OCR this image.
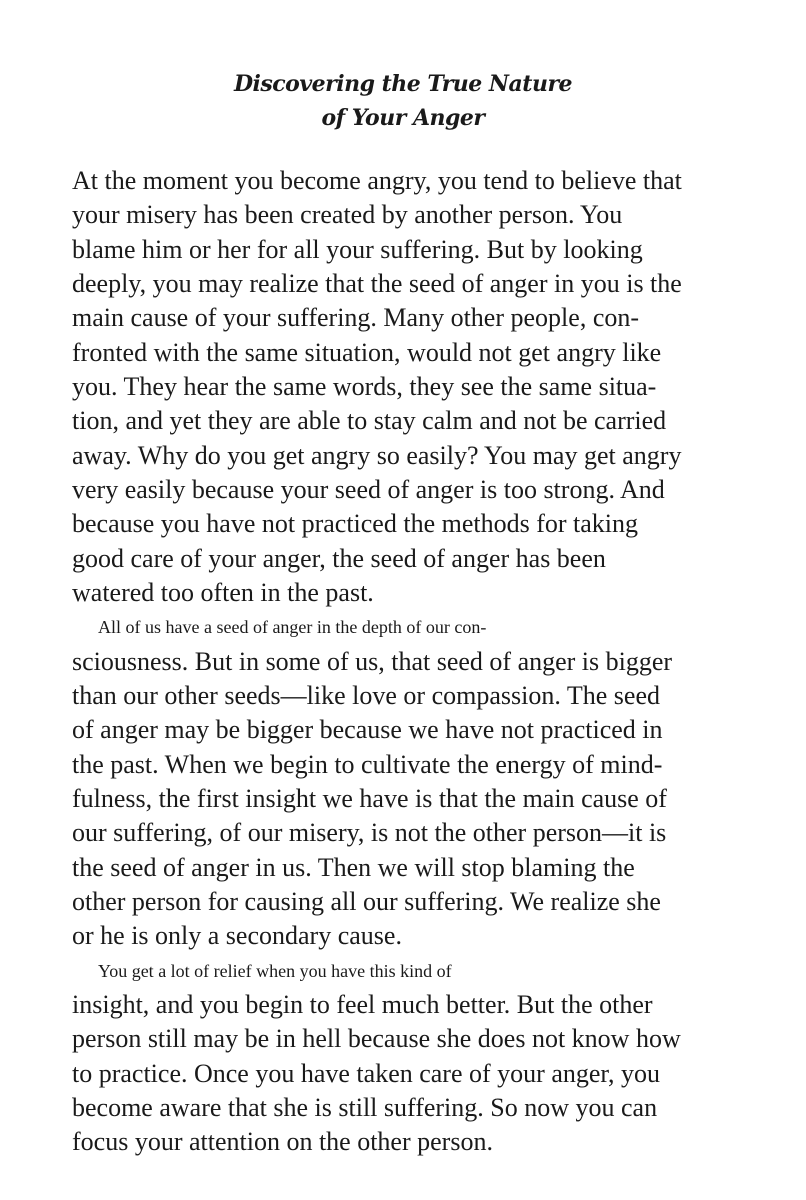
Discovering the True Nature
of Your Anger
At the moment you become angry, you tend to believe that
your misery has been created by another person. You
blame him or her for all your suffering. But by looking
deeply, you may realize that the seed of anger in you is the
main cause of your suffering. Many other people, con-
fronted with the same situation, would not get angry like
you. They hear the same words, they see the same situa-
tion, and yet they are able to stay calm and not be carried
away. Why do you get angry so easily? You may get angry
very easily because your seed of anger is too strong. And
because you have not practiced the methods for taking
good care of your anger, the seed of anger has been
watered too often in the past.
All of us have a seed of anger in the depth of our con-
sciousness. But in some of us, that seed of anger is bigger
than our other seeds—like love or compassion. The seed
of anger may be bigger because we have not practiced in
the past. When we begin to cultivate the energy of mind-
fulness, the first insight we have is that the main cause of
our suffering, of our misery, is not the other person—it is
the seed of anger in us. Then we will stop blaming the
other person for causing all our suffering. We realize she
or he is only a secondary cause.
You get a lot of relief when you have this kind of
insight, and you begin to feel much better. But the other
person still may be in hell because she does not know how
to practice. Once you have taken care of your anger, you
become aware that she is still suffering. So now you can
focus your attention on the other person.
